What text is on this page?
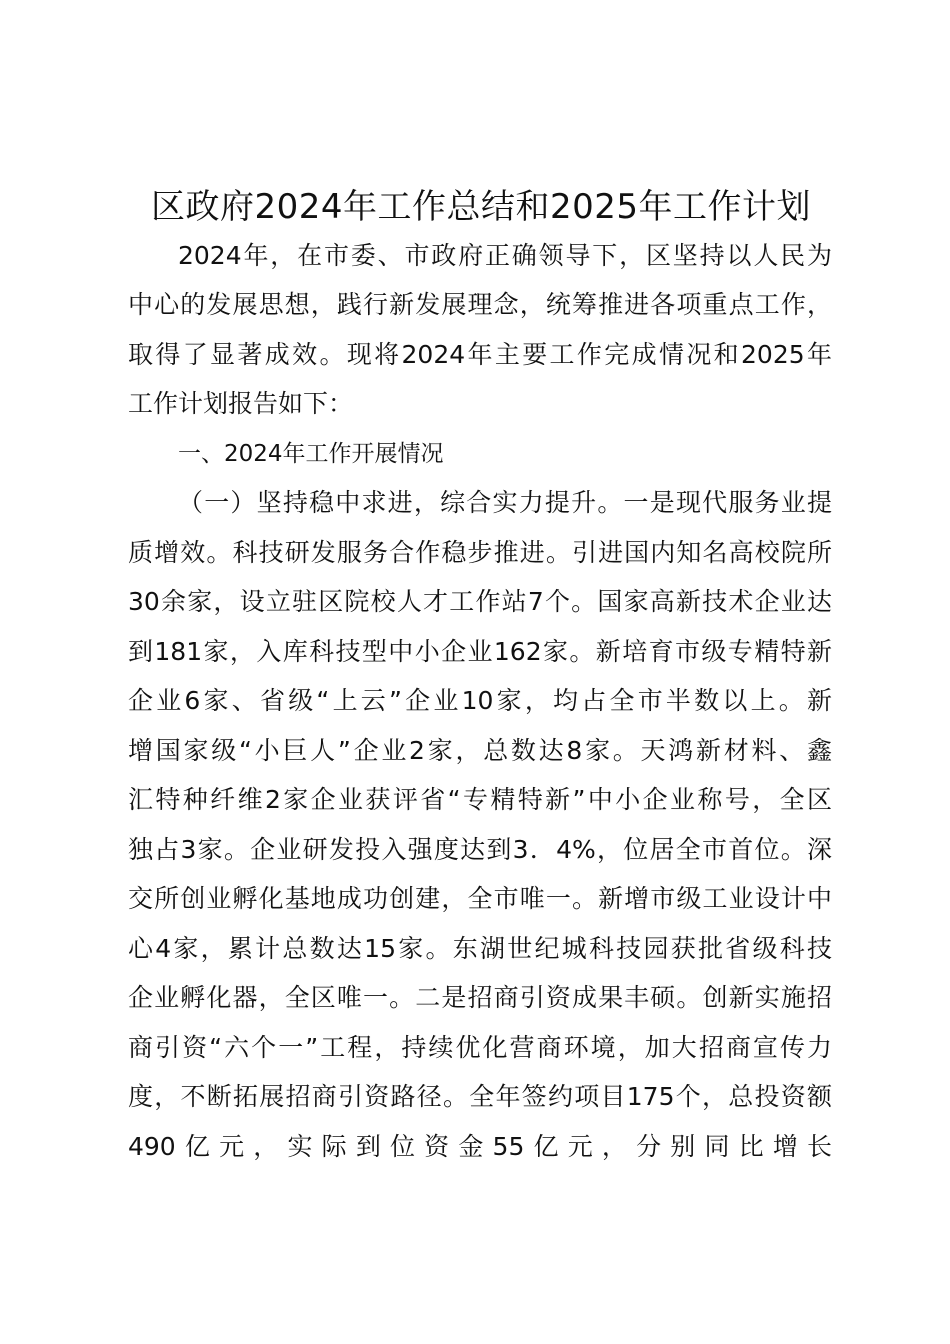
区政府2024年工作总结和2025年工作计划
2024年，在市委、市政府正确领导下，区坚持以人民为
中心的发展思想，践行新发展理念，统筹推进各项重点工作，
取得了显著成效。现将2024年主要工作完成情况和2025年
工作计划报告如下：
一、2024年工作开展情况
（一）坚持稳中求进，综合实力提升。一是现代服务业提
质增效。科技研发服务合作稳步推进。引进国内知名高校院所
30余家，设立驻区院校人才工作站7个。国家高新技术企业达
到181家，入库科技型中小企业162家。新培育市级专精特新
企业6家、省级“上云”企业10家，均占全市半数以上。新
增国家级“小巨人”企业2家，总数达8家。天鸿新材料、鑫
汇特种纤维2家企业获评省“专精特新”中小企业称号，全区
独占3家。企业研发投入强度达到3．4%，位居全市首位。深
交所创业孵化基地成功创建，全市唯一。新增市级工业设计中
心4家，累计总数达15家。东湖世纪城科技园获批省级科技
企业孵化器，全区唯一。二是招商引资成果丰硕。创新实施招
商引资“六个一”工程，持续优化营商环境，加大招商宣传力
度，不断拓展招商引资路径。全年签约项目175个，总投资额
490亿元，实际到位资金55亿元，分别同比增长
